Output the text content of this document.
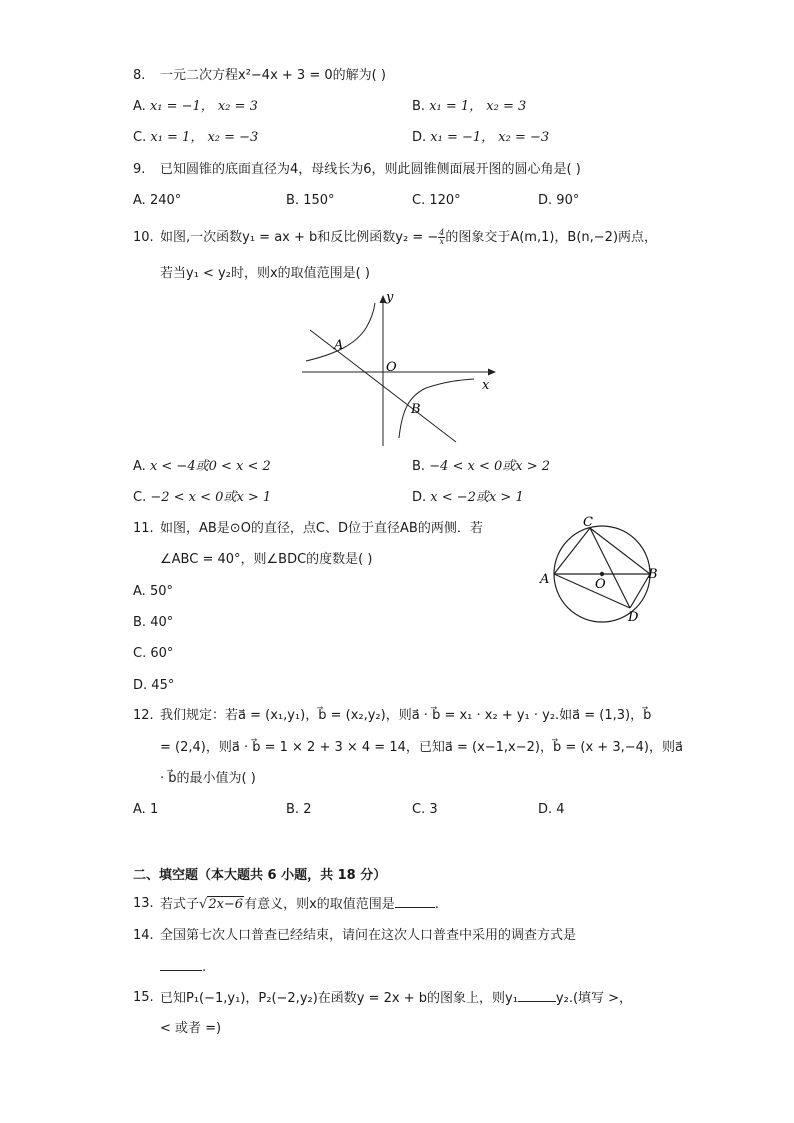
8. 一元二次方程x²−4x + 3 = 0的解为( )
A. x₁ = −1， x₂ = 3	B. x₁ = 1， x₂ = 3
C. x₁ = 1， x₂ = −3	D. x₁ = −1， x₂ = −3
9. 已知圆锥的底面直径为4，母线长为6，则此圆锥侧面展开图的圆心角是( )
A. 240°	B. 150°	C. 120°	D. 90°
10. 如图,一次函数y₁ = ax + b和反比例函数y₂ = − $\frac{4}{x}$ 的图象交于A(m,1)，B(n,−2)两点，
若当y₁ < y₂时，则x的取值范围是( )
y
x
O
A
B
A. x < −4或0 < x < 2	B. −4 < x < 0或x > 2
C. −2 < x < 0或x > 1	D. x < −2或x > 1
11. 如图，AB是⊙O的直径，点C、D位于直径AB的两侧．若
∠ABC = 40°，则∠BDC的度数是( )
A	B
C
D
O
A. 50°
B. 40°
C. 60°
D. 45°
12. 我们规定：若a⃗ = (x₁,y₁)，b⃗ = (x₂,y₂)，则a⃗ · b⃗ = x₁ · x₂ + y₁ · y₂.如a⃗ = (1,3)，b⃗
= (2,4)，则a⃗ · b⃗ = 1 × 2 + 3 × 4 = 14，已知a⃗ = (x−1,x−2)，b⃗ = (x + 3,−4)，则a⃗
· b⃗的最小值为( )
A. 1	B. 2	C. 3	D. 4
二、填空题（本大题共 6 小题，共 18 分）
13. 若式子√2x−6有意义，则x的取值范围是	.
14. 全国第七次人口普查已经结束，请问在这次人口普查中采用的调查方式是
.
15. 已知P₁(−1,y₁)，P₂(−2,y₂)在函数y = 2x + b的图象上，则y₁	y₂.(填写 >，
< 或者 =)
